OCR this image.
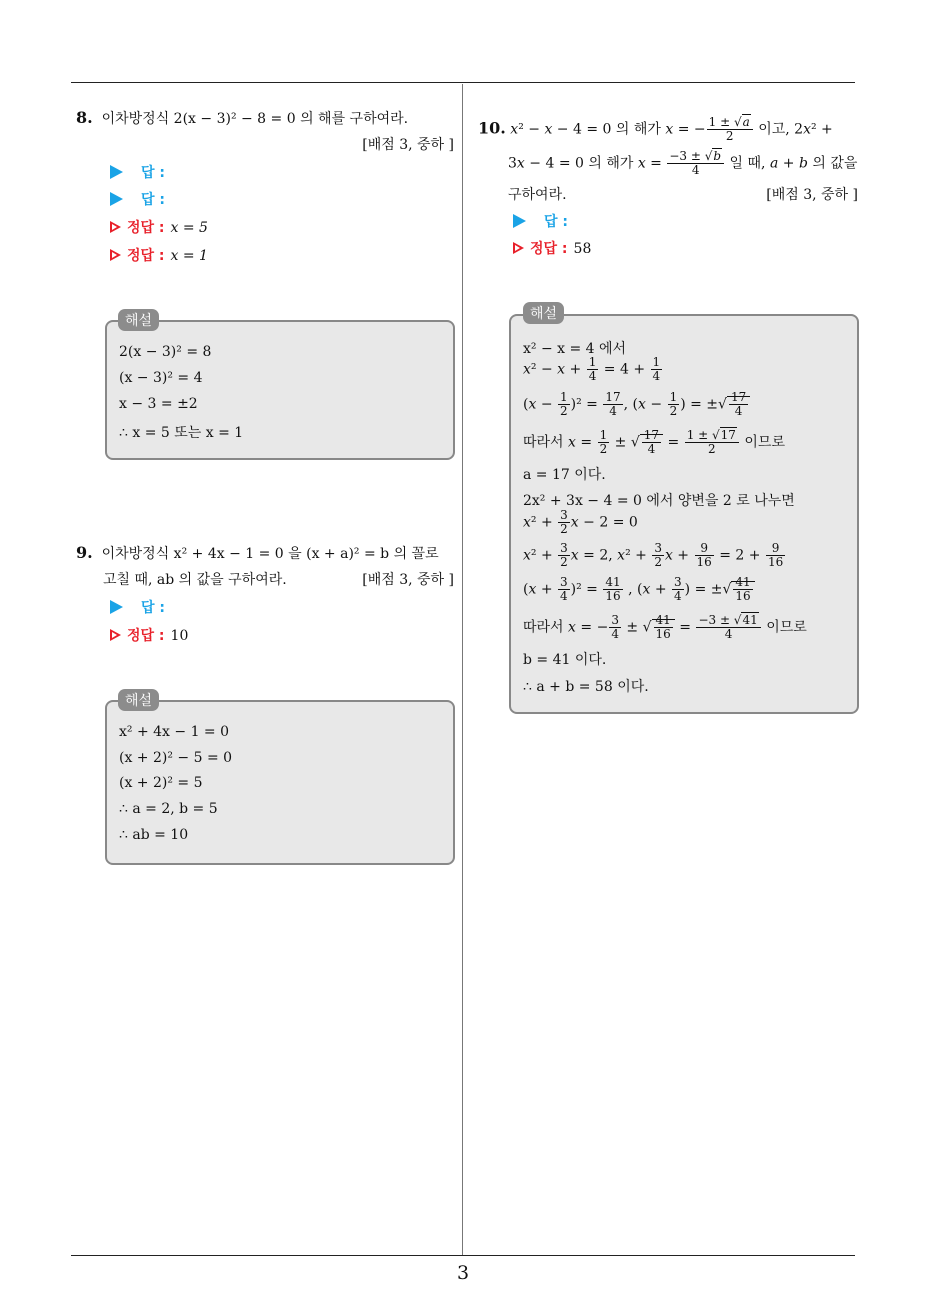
3
8. 이차방정식 2(x − 3)² − 8 = 0 의 해를 구하여라.
[배점 3, 중하 ]
답 :
답 :
정답 : x = 5
정답 : x = 1
2(x − 3)² = 8
(x − 3)² = 4
x − 3 = ±2
∴ x = 5 또는 x = 1
해설
9. 이차방정식 x² + 4x − 1 = 0 을 (x + a)² = b 의 꼴로
고칠 때, ab 의 값을 구하여라.	[배점 3, 중하 ]
답 :
정답 : 10
x² + 4x − 1 = 0
(x + 2)² − 5 = 0
(x + 2)² = 5
∴ a = 2, b = 5
∴ ab = 10
해설
10. x² − x − 4 = 0 의 해가 x = − $\frac{1 \pm √a}{2}$ 이고, 2x² +
3x − 4 = 0 의 해가 $x = \frac{-3 \pm √b}{4}$ 일 때, a + b 의 값을
구하여라.	[배점 3, 중하 ]
답 :
정답 : 58
x² − x = 4 에서
$x^2 - x + \frac{1}{4} = 4 + \frac{1}{4}$
$(x - \frac{1}{2} )^2 = \frac{17}{4}$ , ($x - \frac{1}{2}$ ) = ±√ $\frac{17}{4}$
따라서 $x = \frac{1}{2}$ ± √ $\frac{17}{4} = \frac{1 \pm √17}{2}$ 이므로
a = 17 이다.
2x² + 3x − 4 = 0 에서 양변을 2 로 나누면
$x^2 + \frac{3}{2}$ x − 2 = 0
$x^2 + \frac{3}{2}$ x = 2, $x^2 + \frac{3}{2}$ $x + \frac{9}{16} = 2 + \frac{9}{16}$
$(x + \frac{3}{4} )^2 = \frac{41}{16}$ , ($x + \frac{3}{4}$ ) = ±√ $\frac{41}{16}$
따라서 x = − $\frac{3}{4}$ ± √ $\frac{41}{16} = \frac{-3 \pm √41}{4}$ 이므로
b = 41 이다.
∴ a + b = 58 이다.
해설
